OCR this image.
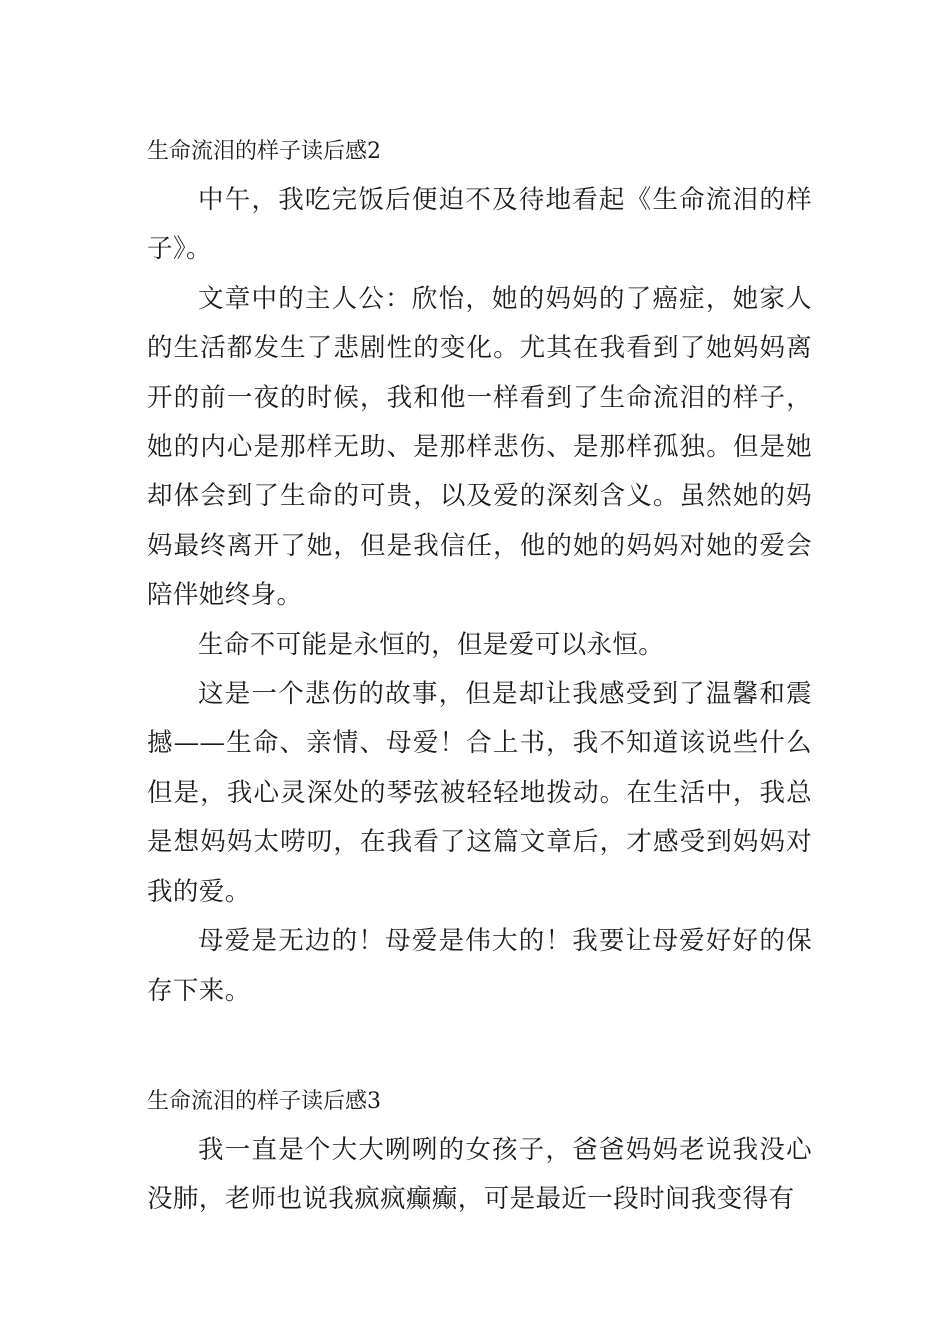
生命流泪的样子读后感2

中午，我吃完饭后便迫不及待地看起《生命流泪的样子》。

文章中的主人公：欣怡，她的妈妈的了癌症，她家人的生活都发生了悲剧性的变化。尤其在我看到了她妈妈离开的前一夜的时候，我和他一样看到了生命流泪的样子，她的内心是那样无助、是那样悲伤、是那样孤独。但是她却体会到了生命的可贵，以及爱的深刻含义。虽然她的妈妈最终离开了她，但是我信任，他的她的妈妈对她的爱会陪伴她终身。

生命不可能是永恒的，但是爱可以永恒。

这是一个悲伤的故事，但是却让我感受到了温馨和震撼——生命、亲情、母爱！合上书，我不知道该说些什么但是，我心灵深处的琴弦被轻轻地拨动。在生活中，我总是想妈妈太唠叨，在我看了这篇文章后，才感受到妈妈对我的爱。

母爱是无边的！母爱是伟大的！我要让母爱好好的保存下来。

生命流泪的样子读后感3

我一直是个大大咧咧的女孩子，爸爸妈妈老说我没心没肺，老师也说我疯疯癫癫，可是最近一段时间我变得有
